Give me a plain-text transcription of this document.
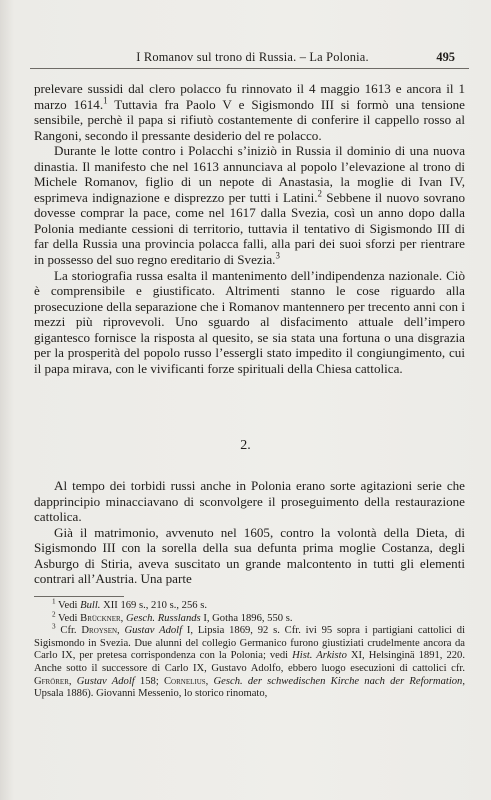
I Romanov sul trono di Russia. – La Polonia.	495

prelevare sussidi dal clero polacco fu rinnovato il 4 maggio 1613 e ancora il 1 marzo 1614.$^1$ Tuttavia fra Paolo V e Sigismondo III si formò una tensione sensibile, perchè il papa si rifiutò costantemente di conferire il cappello rosso al Rangoni, secondo il pressante desiderio del re polacco.

Durante le lotte contro i Polacchi s’iniziò in Russia il dominio di una nuova dinastia. Il manifesto che nel 1613 annunciava al popolo l’elevazione al trono di Michele Romanov, figlio di un nepote di Anastasia, la moglie di Ivan IV, esprimeva indignazione e disprezzo per tutti i Latini.$^2$ Sebbene il nuovo sovrano dovesse comprar la pace, come nel 1617 dalla Svezia, così un anno dopo dalla Polonia mediante cessioni di territorio, tuttavia il tentativo di Sigismondo III di far della Russia una provincia polacca falli, alla pari dei suoi sforzi per rientrare in possesso del suo regno ereditario di Svezia.$^3$

La storiografia russa esalta il mantenimento dell’indipendenza nazionale. Ciò è comprensibile e giustificato. Altrimenti stanno le cose riguardo alla prosecuzione della separazione che i Romanov mantennero per trecento anni con i mezzi più riprovevoli. Uno sguardo al disfacimento attuale dell’impero gigantesco fornisce la risposta al quesito, se sia stata una fortuna o una disgrazia per la prosperità del popolo russo l’essergli stato impedito il congiungimento, cui il papa mirava, con le vivificanti forze spirituali della Chiesa cattolica.

2.

Al tempo dei torbidi russi anche in Polonia erano sorte agitazioni serie che dapprincipio minacciavano di sconvolgere il proseguimento della restaurazione cattolica.

Già il matrimonio, avvenuto nel 1605, contro la volontà della Dieta, di Sigismondo III con la sorella della sua defunta prima moglie Costanza, degli Asburgo di Stiria, aveva suscitato un grande malcontento in tutti gli elementi contrari all’Austria. Una parte

$^1$ Vedi Bull. XII 169 s., 210 s., 256 s.

$^2$ Vedi Brückner, Gesch. Russlands I, Gotha 1896, 550 s.

$^3$ Cfr. Droysen, Gustav Adolf I, Lipsia 1869, 92 s. Cfr. ivi 95 sopra i partigiani cattolici di Sigismondo in Svezia. Due alunni del collegio Germanico furono giustiziati crudelmente ancora da Carlo IX, per pretesa corrispondenza con la Polonia; vedi Hist. Arkisto XI, Helsinginä 1891, 220. Anche sotto il successore di Carlo IX, Gustavo Adolfo, ebbero luogo esecuzioni di cattolici cfr. Gfrörer, Gustav Adolf 158; Cornelius, Gesch. der schwedischen Kirche nach der Reformation, Upsala 1886). Giovanni Messenio, lo storico rinomato,
